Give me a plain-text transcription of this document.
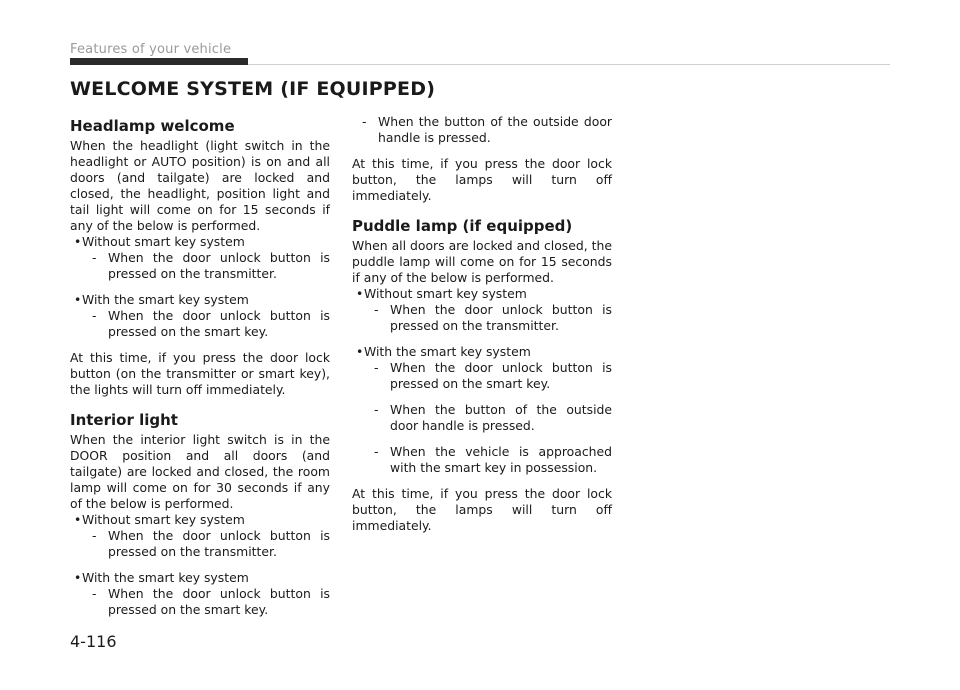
Features of your vehicle
WELCOME SYSTEM (IF EQUIPPED)
Headlamp welcome

When the headlight (light switch in the headlight or AUTO position) is on and all doors (and tailgate) are locked and closed, the headlight, position light and tail light will come on for 15 seconds if any of the below is performed.

• Without smart key system
- When the door unlock button is pressed on the transmitter.
• With the smart key system
- When the door unlock button is pressed on the smart key.

At this time, if you press the door lock button (on the transmitter or smart key), the lights will turn off immediately.

Interior light

When the interior light switch is in the DOOR position and all doors (and tailgate) are locked and closed, the room lamp will come on for 30 seconds if any of the below is performed.

• Without smart key system
- When the door unlock button is pressed on the transmitter.
• With the smart key system
- When the door unlock button is pressed on the smart key.
- When the button of the outside door handle is pressed.

At this time, if you press the door lock button, the lamps will turn off immediately.

Puddle lamp (if equipped)

When all doors are locked and closed, the puddle lamp will come on for 15 seconds if any of the below is performed.

• Without smart key system
- When the door unlock button is pressed on the transmitter.
• With the smart key system
- When the door unlock button is pressed on the smart key.
- When the button of the outside door handle is pressed.
- When the vehicle is approached with the smart key in possession.

At this time, if you press the door lock button, the lamps will turn off immediately.

4-116
